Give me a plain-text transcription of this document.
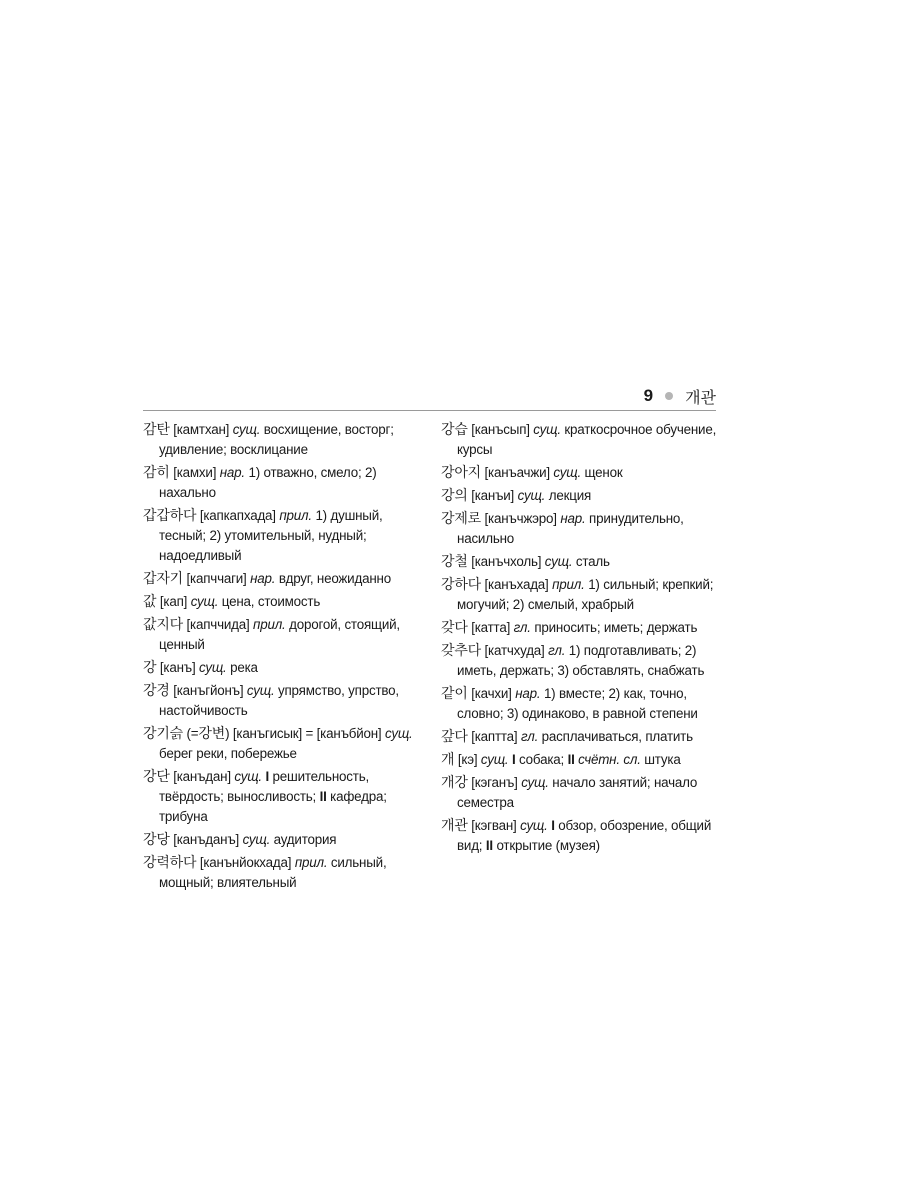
9 개관
감탄 [камтхан] сущ. восхищение, восторг; удивление; восклицание
감히 [камхи] нар. 1) отважно, смело; 2) нахально
갑갑하다 [капкапхада] прил. 1) душный, тесный; 2) утомительный, нудный; надоедливый
갑자기 [капччаги] нар. вдруг, неожиданно
값 [кап] сущ. цена, стоимость
값지다 [капччида] прил. дорогой, стоящий, ценный
강 [канъ] сущ. река
강경 [канъгйонъ] сущ. упрямство, упрство, настойчивость
강기슭 (=강변) [канъгисык] = [канъбйон] сущ. берег реки, побережье
강단 [канъдан] сущ. I решительность, твёрдость; выносливость; II кафедра; трибуна
강당 [канъданъ] сущ. аудитория
강력하다 [канънйокхада] прил. сильный, мощный; влиятельный
강습 [канъсып] сущ. краткосрочное обучение, курсы
강아지 [канъачжи] сущ. щенок
강의 [канъи] сущ. лекция
강제로 [канъчжэро] нар. принудительно, насильно
강철 [канъчхоль] сущ. сталь
강하다 [канъхада] прил. 1) сильный; крепкий; могучий; 2) смелый, храбрый
갖다 [катта] гл. приносить; иметь; держать
갖추다 [катчхуда] гл. 1) подготавливать; 2) иметь, держать; 3) обставлять, снабжать
같이 [качхи] нар. 1) вместе; 2) как, точно, словно; 3) одинаково, в равной степени
갚다 [каптта] гл. расплачиваться, платить
개 [кэ] сущ. I собака; II счётн. сл. штука
개강 [кэганъ] сущ. начало занятий; начало семестра
개관 [кэгван] сущ. I обзор, обозрение, общий вид; II открытие (музея)
